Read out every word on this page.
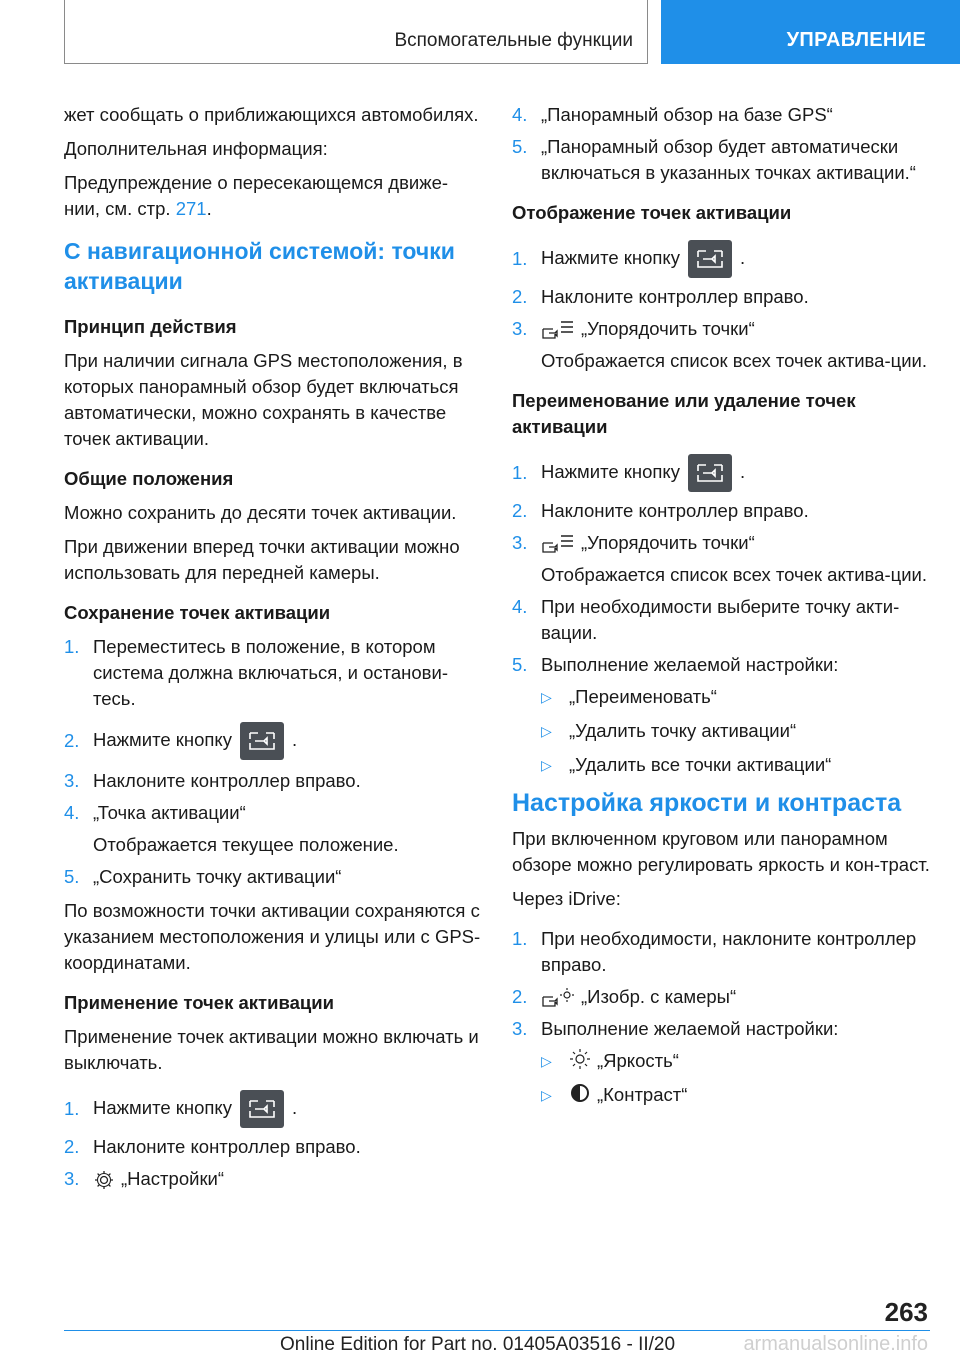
Вспомогательные функции	УПРАВЛЕНИЕ

жет сообщать о приближающихся автомобилях.

Дополнительная информация:

Предупреждение о пересекающемся движе-нии, см. стр. 271.

С навигационной системой: точки активации
Принцип действия

При наличии сигнала GPS местоположения, в которых панорамный обзор будет включаться автоматически, можно сохранять в качестве точек активации.

Общие положения

Можно сохранить до десяти точек активации.

При движении вперед точки активации можно использовать для передней камеры.

Сохранение точек активации
1. Переместитесь в положение, в котором система должна включаться, и останови-тесь.
2. Нажмите кнопку	.
3. Наклоните контроллер вправо.
4. „Точка активации“
Отображается текущее положение.
5. „Сохранить точку активации“

По возможности точки активации сохраняются с указанием местоположения и улицы или с GPS-координатами.

Применение точек активации

Применение точек активации можно включать и выключать.

1. Нажмите кнопку	.
2. Наклоните контроллер вправо.
3.	„Настройки“
4. „Панорамный обзор на базе GPS“
5. „Панорамный обзор будет автоматически включаться в указанных точках активации.“
Отображение точек активации
1. Нажмите кнопку	.
2. Наклоните контроллер вправо.
3.	„Упорядочить точки“
Отображается список всех точек актива-ции.
Переименование или удаление точек активации
1. Нажмите кнопку	.
2. Наклоните контроллер вправо.
3.	„Упорядочить точки“
Отображается список всех точек актива-ции.
4. При необходимости выберите точку акти-вации.
5. Выполнение желаемой настройки:
▷ „Переименовать“
▷ „Удалить точку активации“
▷ „Удалить все точки активации“
Настройка яркости и контраста

При включенном круговом или панорамном обзоре можно регулировать яркость и кон-траст.

Через iDrive:

1. При необходимости, наклоните контроллер вправо.
2.	„Изобр. с камеры“
3. Выполнение желаемой настройки:
▷	„Яркость“
▷	„Контраст“
263
Online Edition for Part no. 01405A03516 - II/20	armanualsonline.info
